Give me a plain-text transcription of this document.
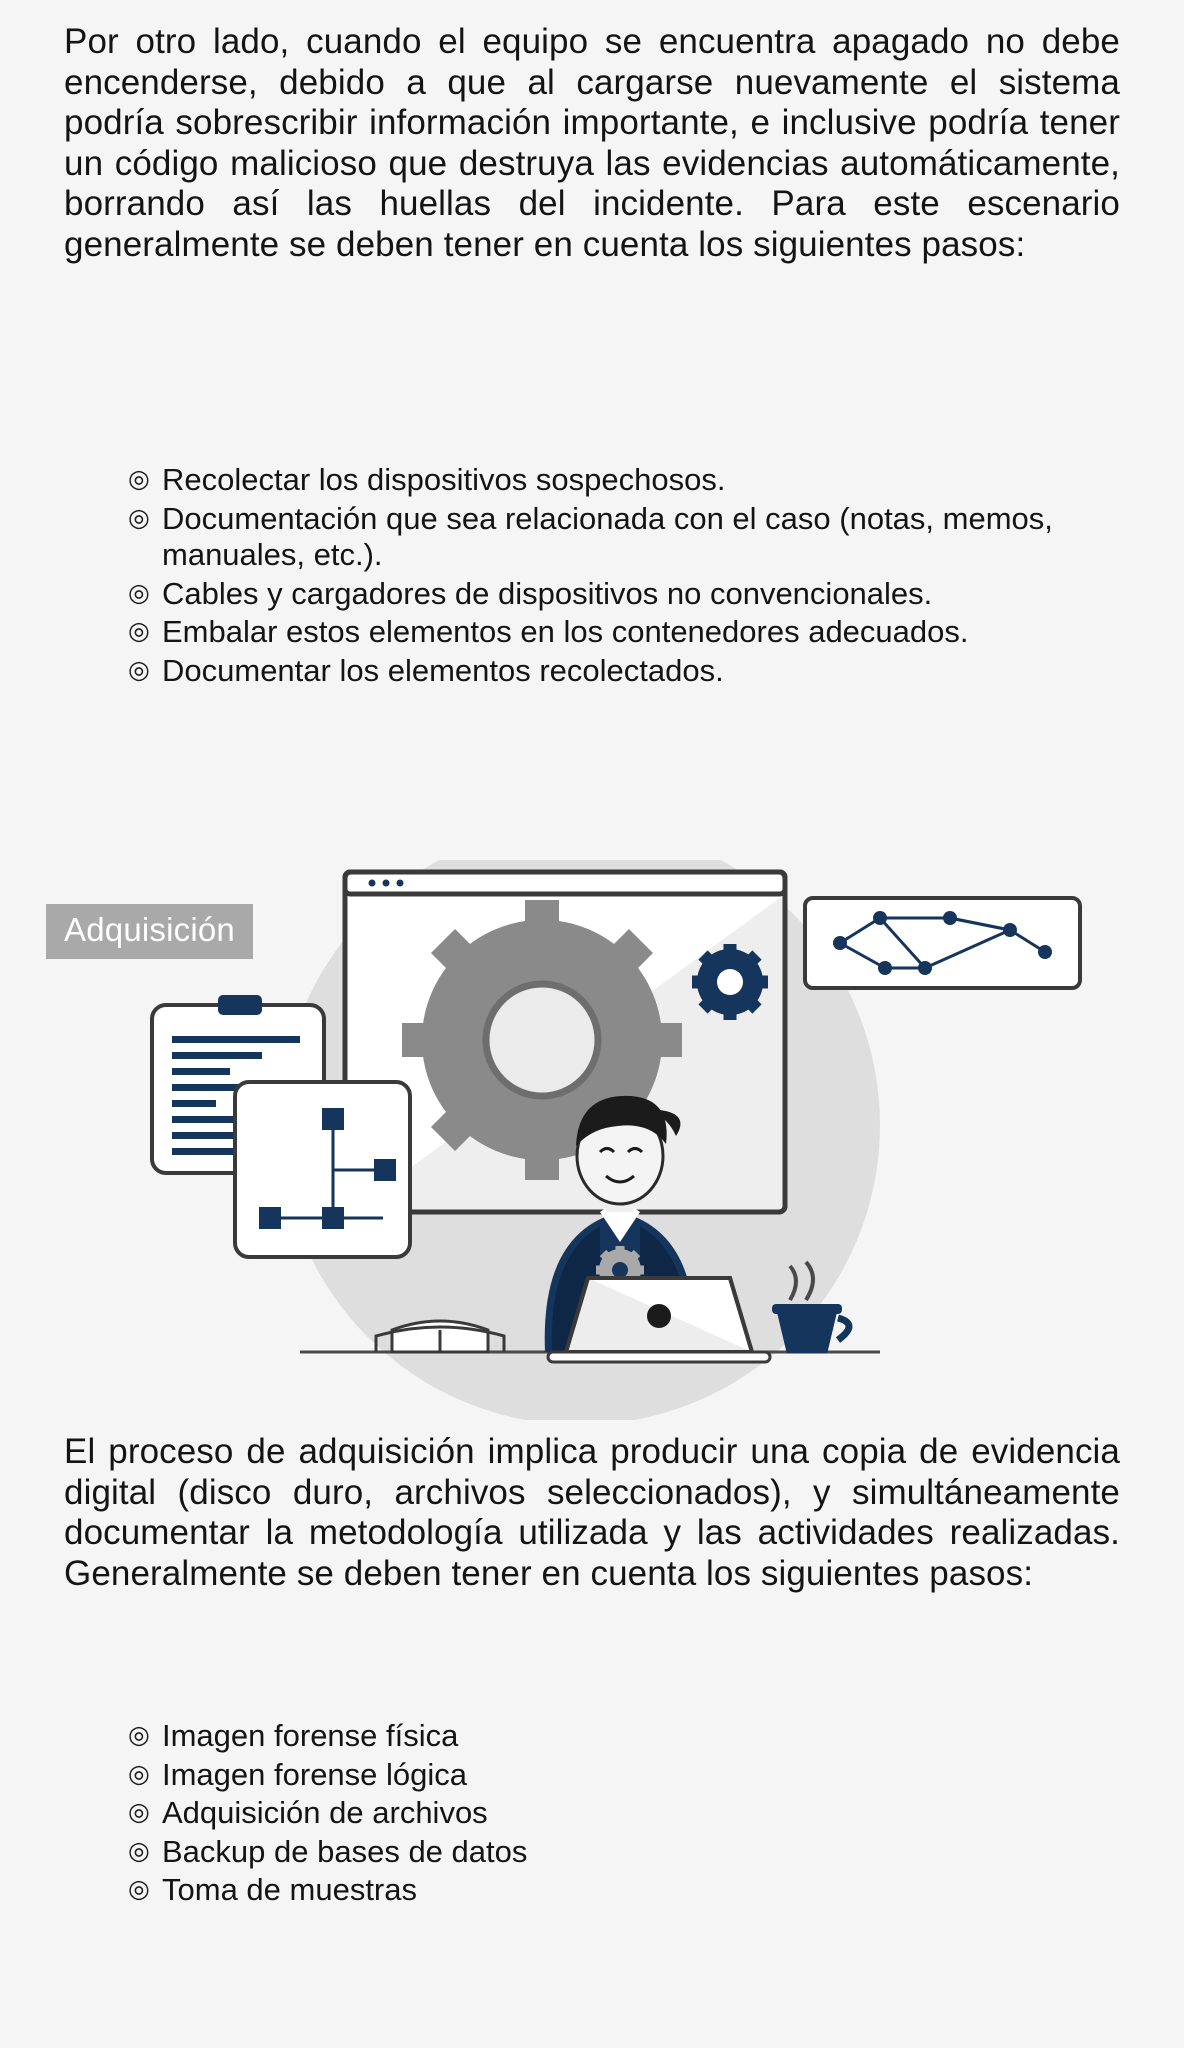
Por otro lado, cuando el equipo se encuentra apagado no debe encenderse, debido a que al cargarse nuevamente el sistema podría sobrescribir información importante, e inclusive podría tener un código malicioso que destruya las evidencias automáticamente, borrando así las huellas del incidente. Para este escenario generalmente se deben tener en cuenta los siguientes pasos:
◎ Recolectar los dispositivos sospechosos.
◎ Documentación que sea relacionada con el caso (notas, memos, manuales, etc.).
◎ Cables y cargadores de dispositivos no convencionales.
◎ Embalar estos elementos en los contenedores adecuados.
◎ Documentar los elementos recolectados.
Adquisición
El proceso de adquisición implica producir una copia de evidencia digital (disco duro, archivos seleccionados), y simultáneamente documentar la metodología utilizada y las actividades realizadas. Generalmente se deben tener en cuenta los siguientes pasos:
◎ Imagen forense física
◎ Imagen forense lógica
◎ Adquisición de archivos
◎ Backup de bases de datos
◎ Toma de muestras
